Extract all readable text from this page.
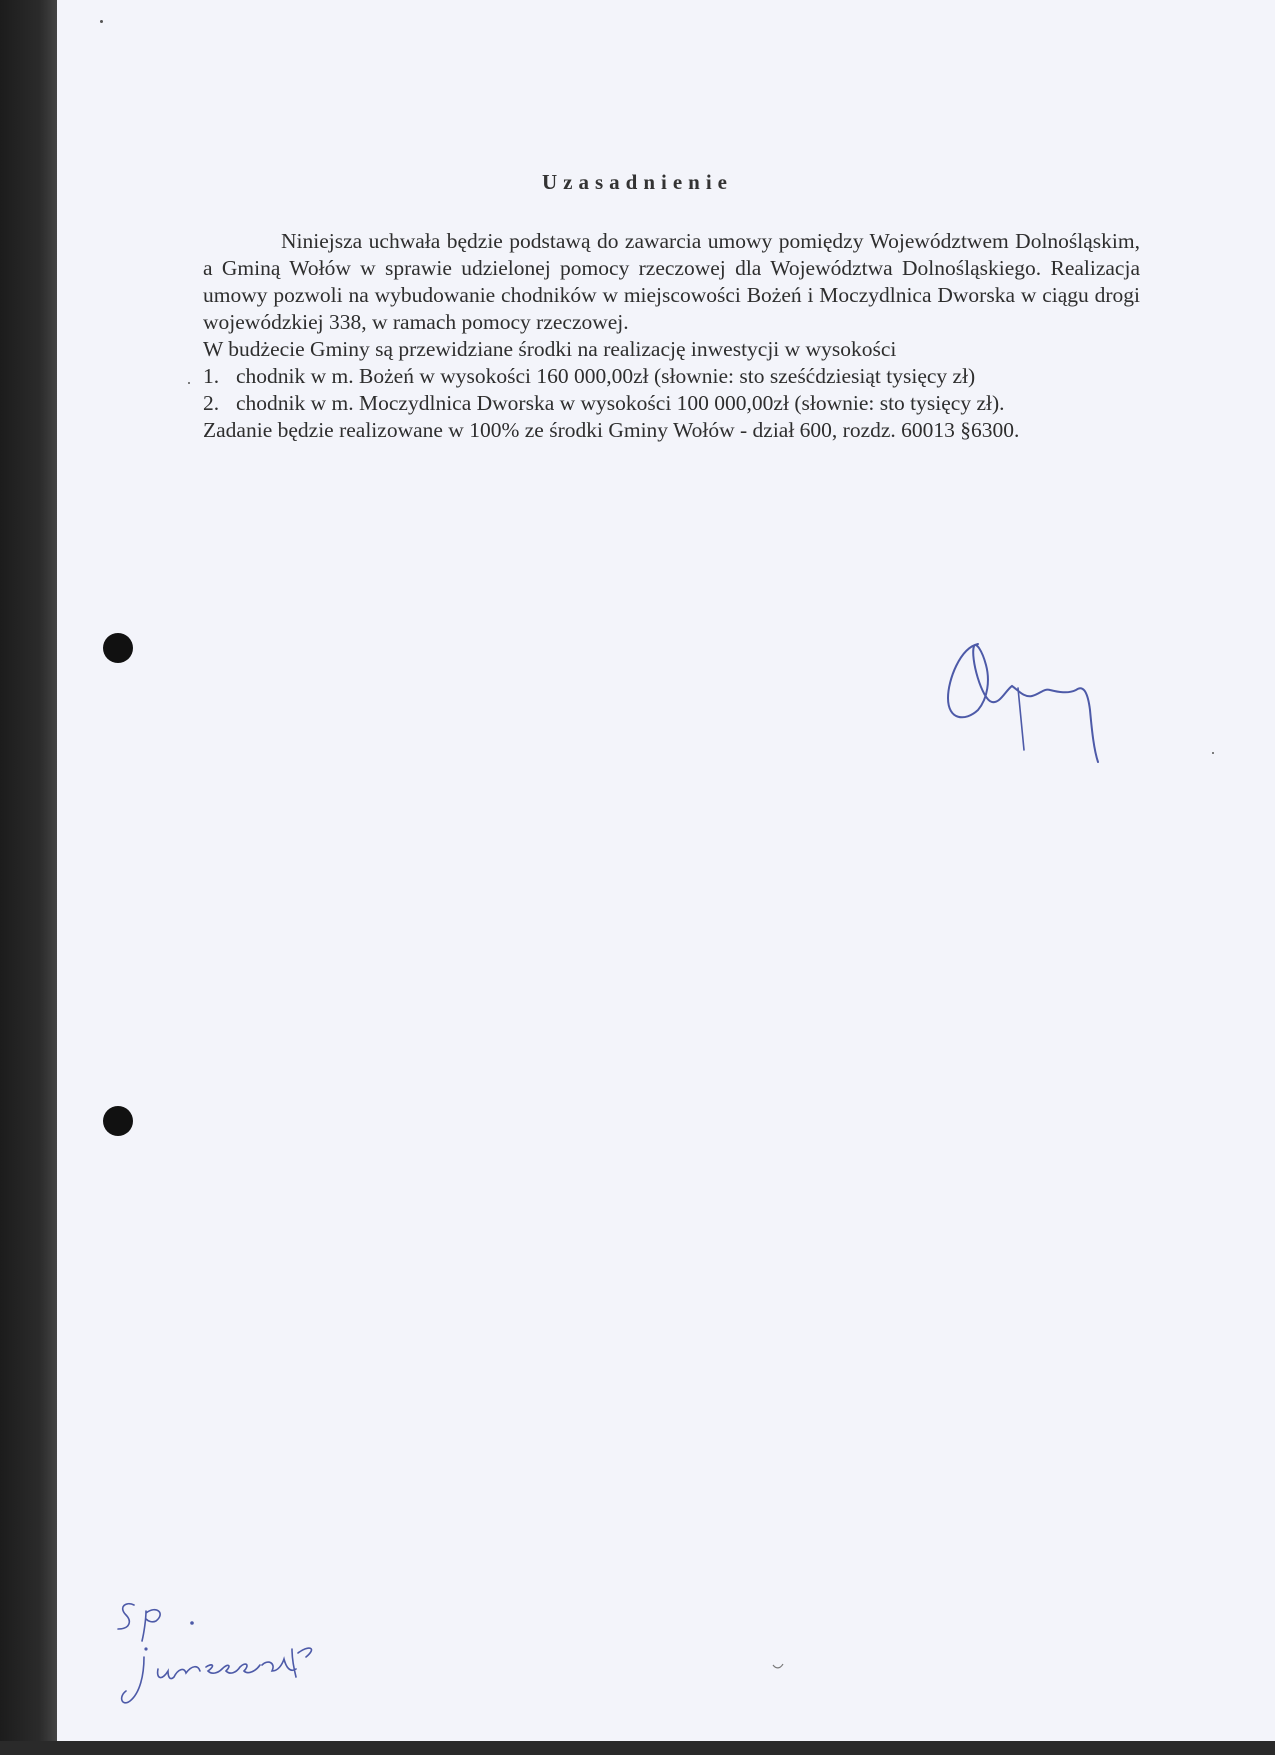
Uzasadnienie

Niniejsza uchwała będzie podstawą do zawarcia umowy pomiędzy Województwem Dolnośląskim, a Gminą Wołów w sprawie udzielonej pomocy rzeczowej dla Województwa Dolnośląskiego. Realizacja umowy pozwoli na wybudowanie chodników w miejscowości Bożeń i Moczydlnica Dworska w ciągu drogi wojewódzkiej 338, w ramach pomocy rzeczowej.

W budżecie Gminy są przewidziane środki na realizację inwestycji w wysokości

1. chodnik w m. Bożeń w wysokości 160 000,00zł (słownie: sto sześćdziesiąt tysięcy zł)

2. chodnik w m. Moczydlnica Dworska w wysokości 100 000,00zł (słownie: sto tysięcy zł).

Zadanie będzie realizowane w 100% ze środki Gminy Wołów - dział 600, rozdz. 60013 §6300.
